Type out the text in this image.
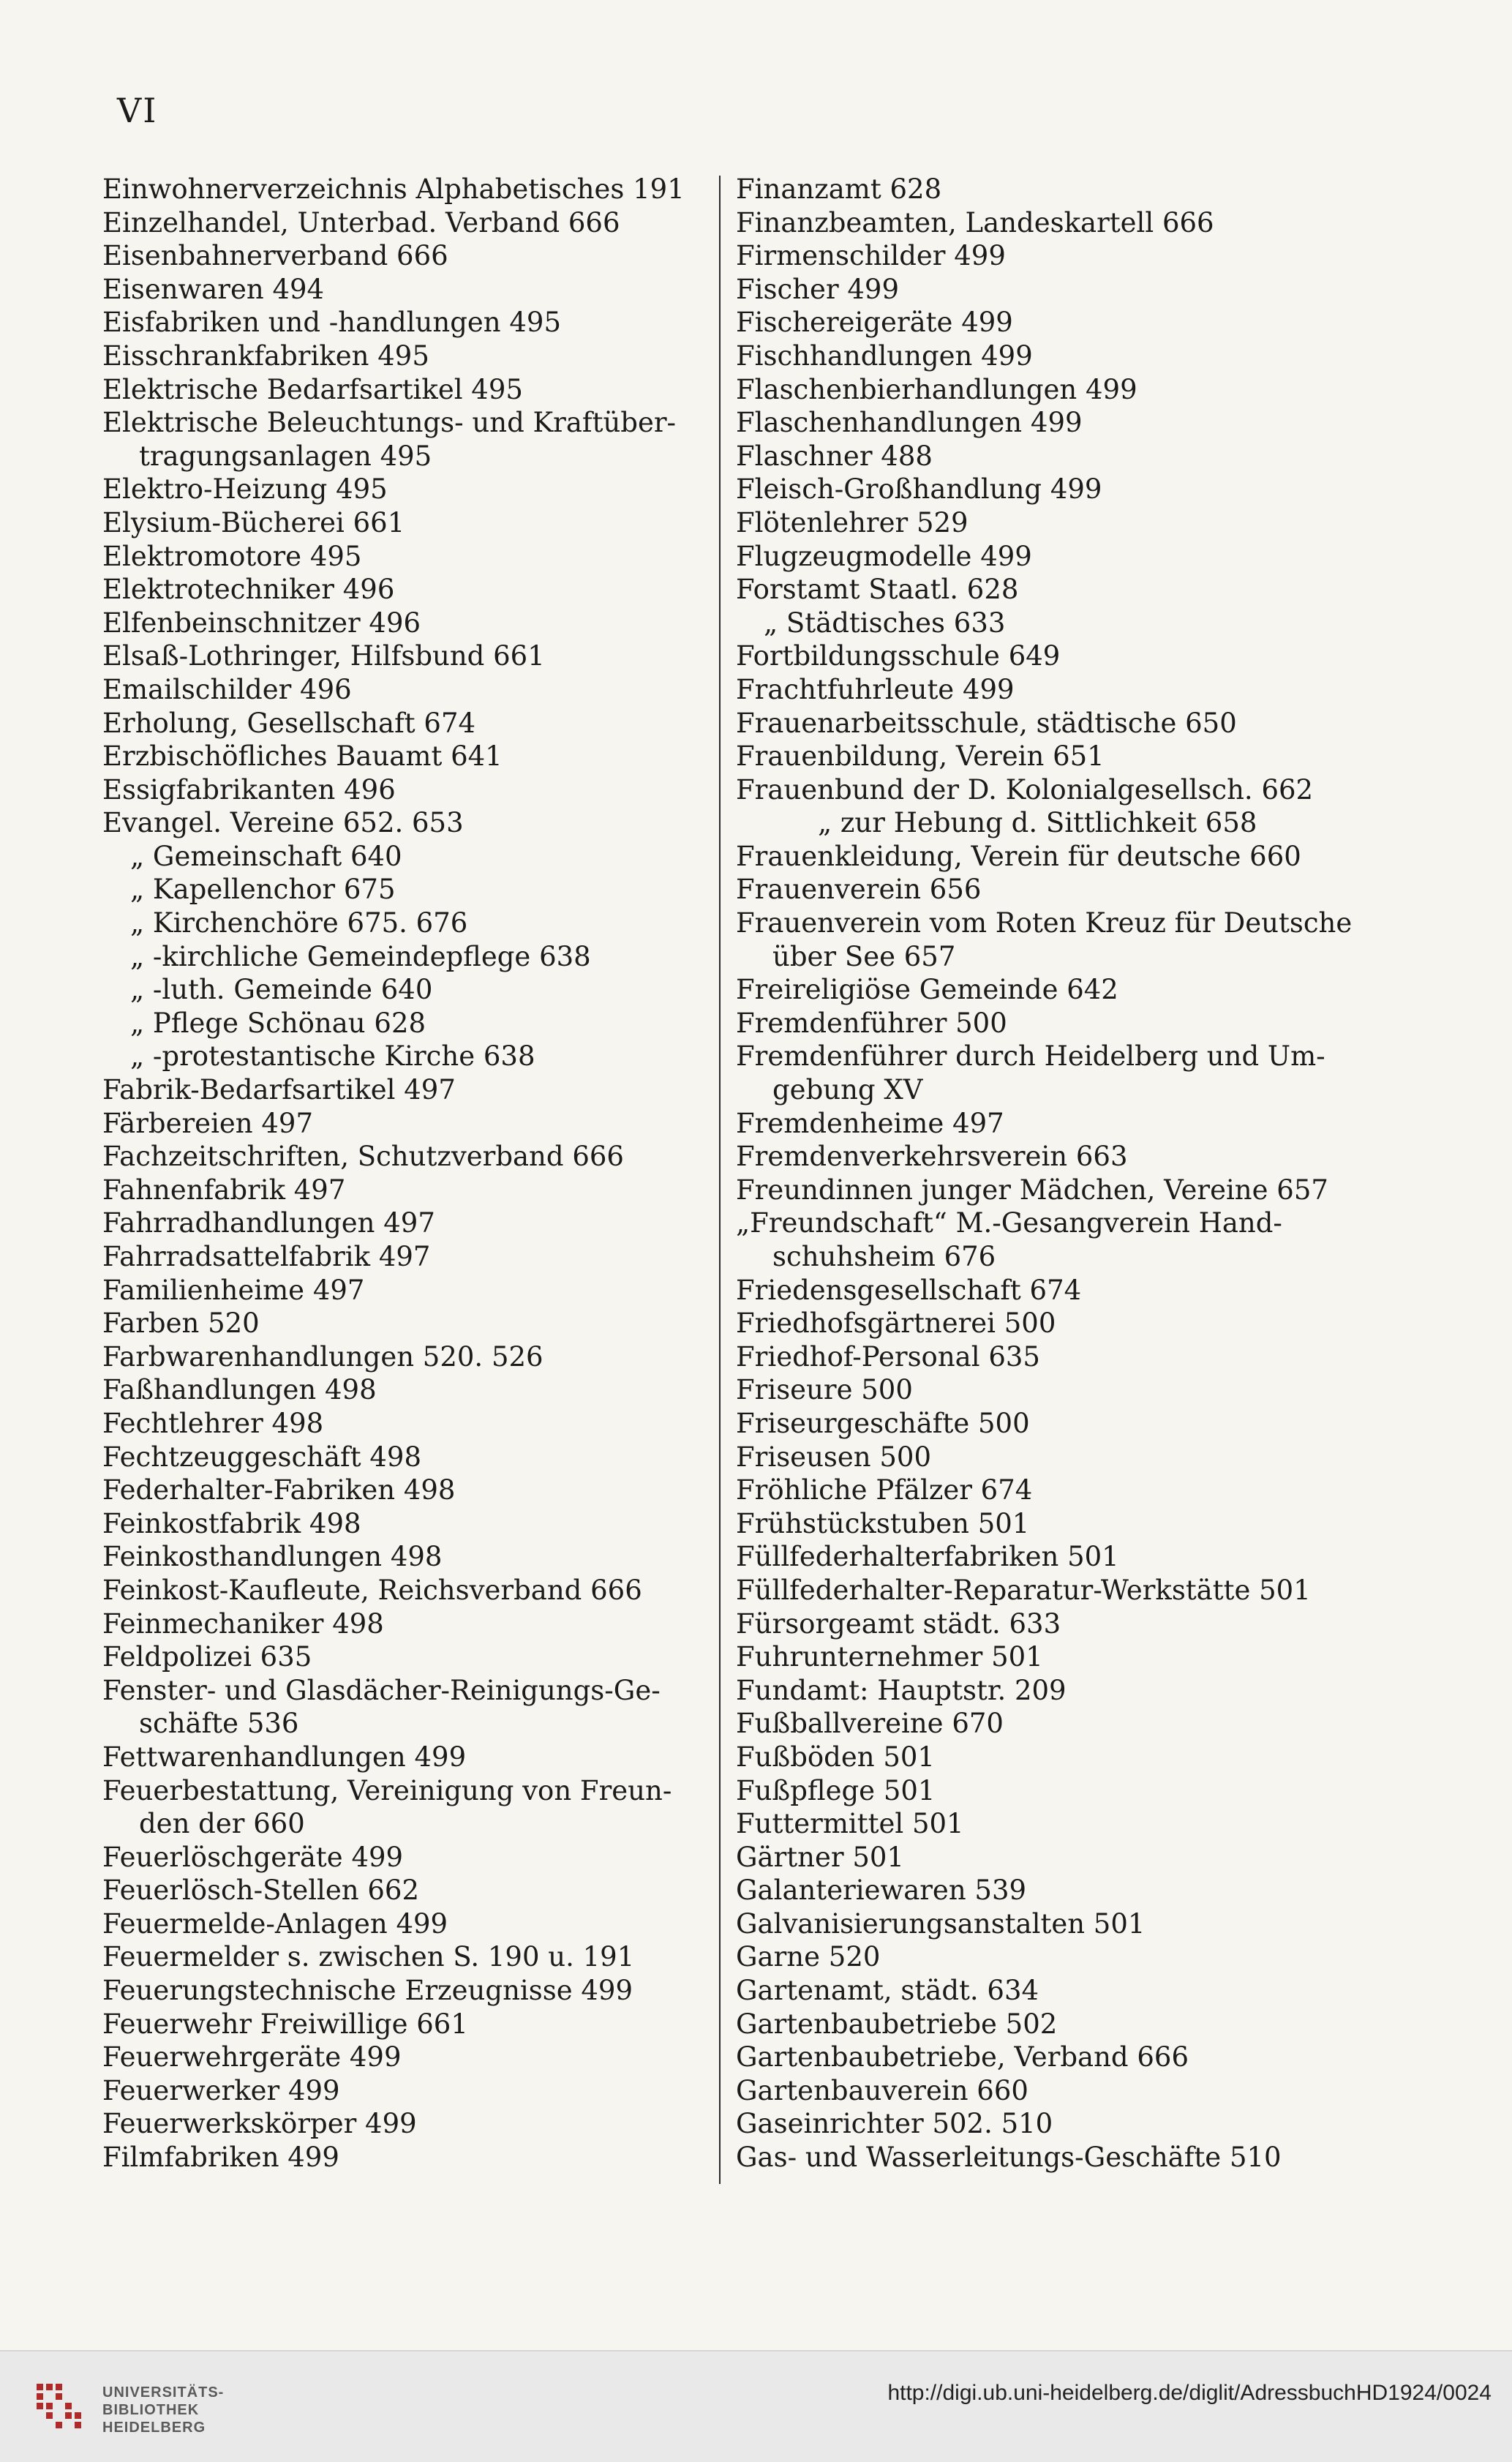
VI
Einwohnerverzeichnis Alphabetisches 191
Einzelhandel, Unterbad. Verband 666
Eisenbahnerverband 666
Eisenwaren 494
Eisfabriken und -handlungen 495
Eisschrankfabriken 495
Elektrische Bedarfsartikel 495
Elektrische Beleuchtungs- und Kraftüber-
tragungsanlagen 495
Elektro-Heizung 495
Elysium-Bücherei 661
Elektromotore 495
Elektrotechniker 496
Elfenbeinschnitzer 496
Elsaß-Lothringer, Hilfsbund 661
Emailschilder 496
Erholung, Gesellschaft 674
Erzbischöfliches Bauamt 641
Essigfabrikanten 496
Evangel. Vereine 652. 653
„ Gemeinschaft 640
„ Kapellenchor 675
„ Kirchenchöre 675. 676
„ -kirchliche Gemeindepflege 638
„ -luth. Gemeinde 640
„ Pflege Schönau 628
„ -protestantische Kirche 638
Fabrik-Bedarfsartikel 497
Färbereien 497
Fachzeitschriften, Schutzverband 666
Fahnenfabrik 497
Fahrradhandlungen 497
Fahrradsattelfabrik 497
Familienheime 497
Farben 520
Farbwarenhandlungen 520. 526
Faßhandlungen 498
Fechtlehrer 498
Fechtzeuggeschäft 498
Federhalter-Fabriken 498
Feinkostfabrik 498
Feinkosthandlungen 498
Feinkost-Kaufleute, Reichsverband 666
Feinmechaniker 498
Feldpolizei 635
Fenster- und Glasdächer-Reinigungs-Ge-
schäfte 536
Fettwarenhandlungen 499
Feuerbestattung, Vereinigung von Freun-
den der 660
Feuerlöschgeräte 499
Feuerlösch-Stellen 662
Feuermelde-Anlagen 499
Feuermelder s. zwischen S. 190 u. 191
Feuerungstechnische Erzeugnisse 499
Feuerwehr Freiwillige 661
Feuerwehrgeräte 499
Feuerwerker 499
Feuerwerkskörper 499
Filmfabriken 499
Finanzamt 628
Finanzbeamten, Landeskartell 666
Firmenschilder 499
Fischer 499
Fischereigeräte 499
Fischhandlungen 499
Flaschenbierhandlungen 499
Flaschenhandlungen 499
Flaschner 488
Fleisch-Großhandlung 499
Flötenlehrer 529
Flugzeugmodelle 499
Forstamt Staatl. 628
„ Städtisches 633
Fortbildungsschule 649
Frachtfuhrleute 499
Frauenarbeitsschule, städtische 650
Frauenbildung, Verein 651
Frauenbund der D. Kolonialgesellsch. 662
„ zur Hebung d. Sittlichkeit 658
Frauenkleidung, Verein für deutsche 660
Frauenverein 656
Frauenverein vom Roten Kreuz für Deutsche
über See 657
Freireligiöse Gemeinde 642
Fremdenführer 500
Fremdenführer durch Heidelberg und Um-
gebung XV
Fremdenheime 497
Fremdenverkehrsverein 663
Freundinnen junger Mädchen, Vereine 657
„Freundschaft“ M.-Gesangverein Hand-
schuhsheim 676
Friedensgesellschaft 674
Friedhofsgärtnerei 500
Friedhof-Personal 635
Friseure 500
Friseurgeschäfte 500
Friseusen 500
Fröhliche Pfälzer 674
Frühstückstuben 501
Füllfederhalterfabriken 501
Füllfederhalter-Reparatur-Werkstätte 501
Fürsorgeamt städt. 633
Fuhrunternehmer 501
Fundamt: Hauptstr. 209
Fußballvereine 670
Fußböden 501
Fußpflege 501
Futtermittel 501
Gärtner 501
Galanteriewaren 539
Galvanisierungsanstalten 501
Garne 520
Gartenamt, städt. 634
Gartenbaubetriebe 502
Gartenbaubetriebe, Verband 666
Gartenbauverein 660
Gaseinrichter 502. 510
Gas- und Wasserleitungs-Geschäfte 510
UNIVERSITÄTS-
BIBLIOTHEK
HEIDELBERG
http://digi.ub.uni-heidelberg.de/diglit/AdressbuchHD1924/0024
